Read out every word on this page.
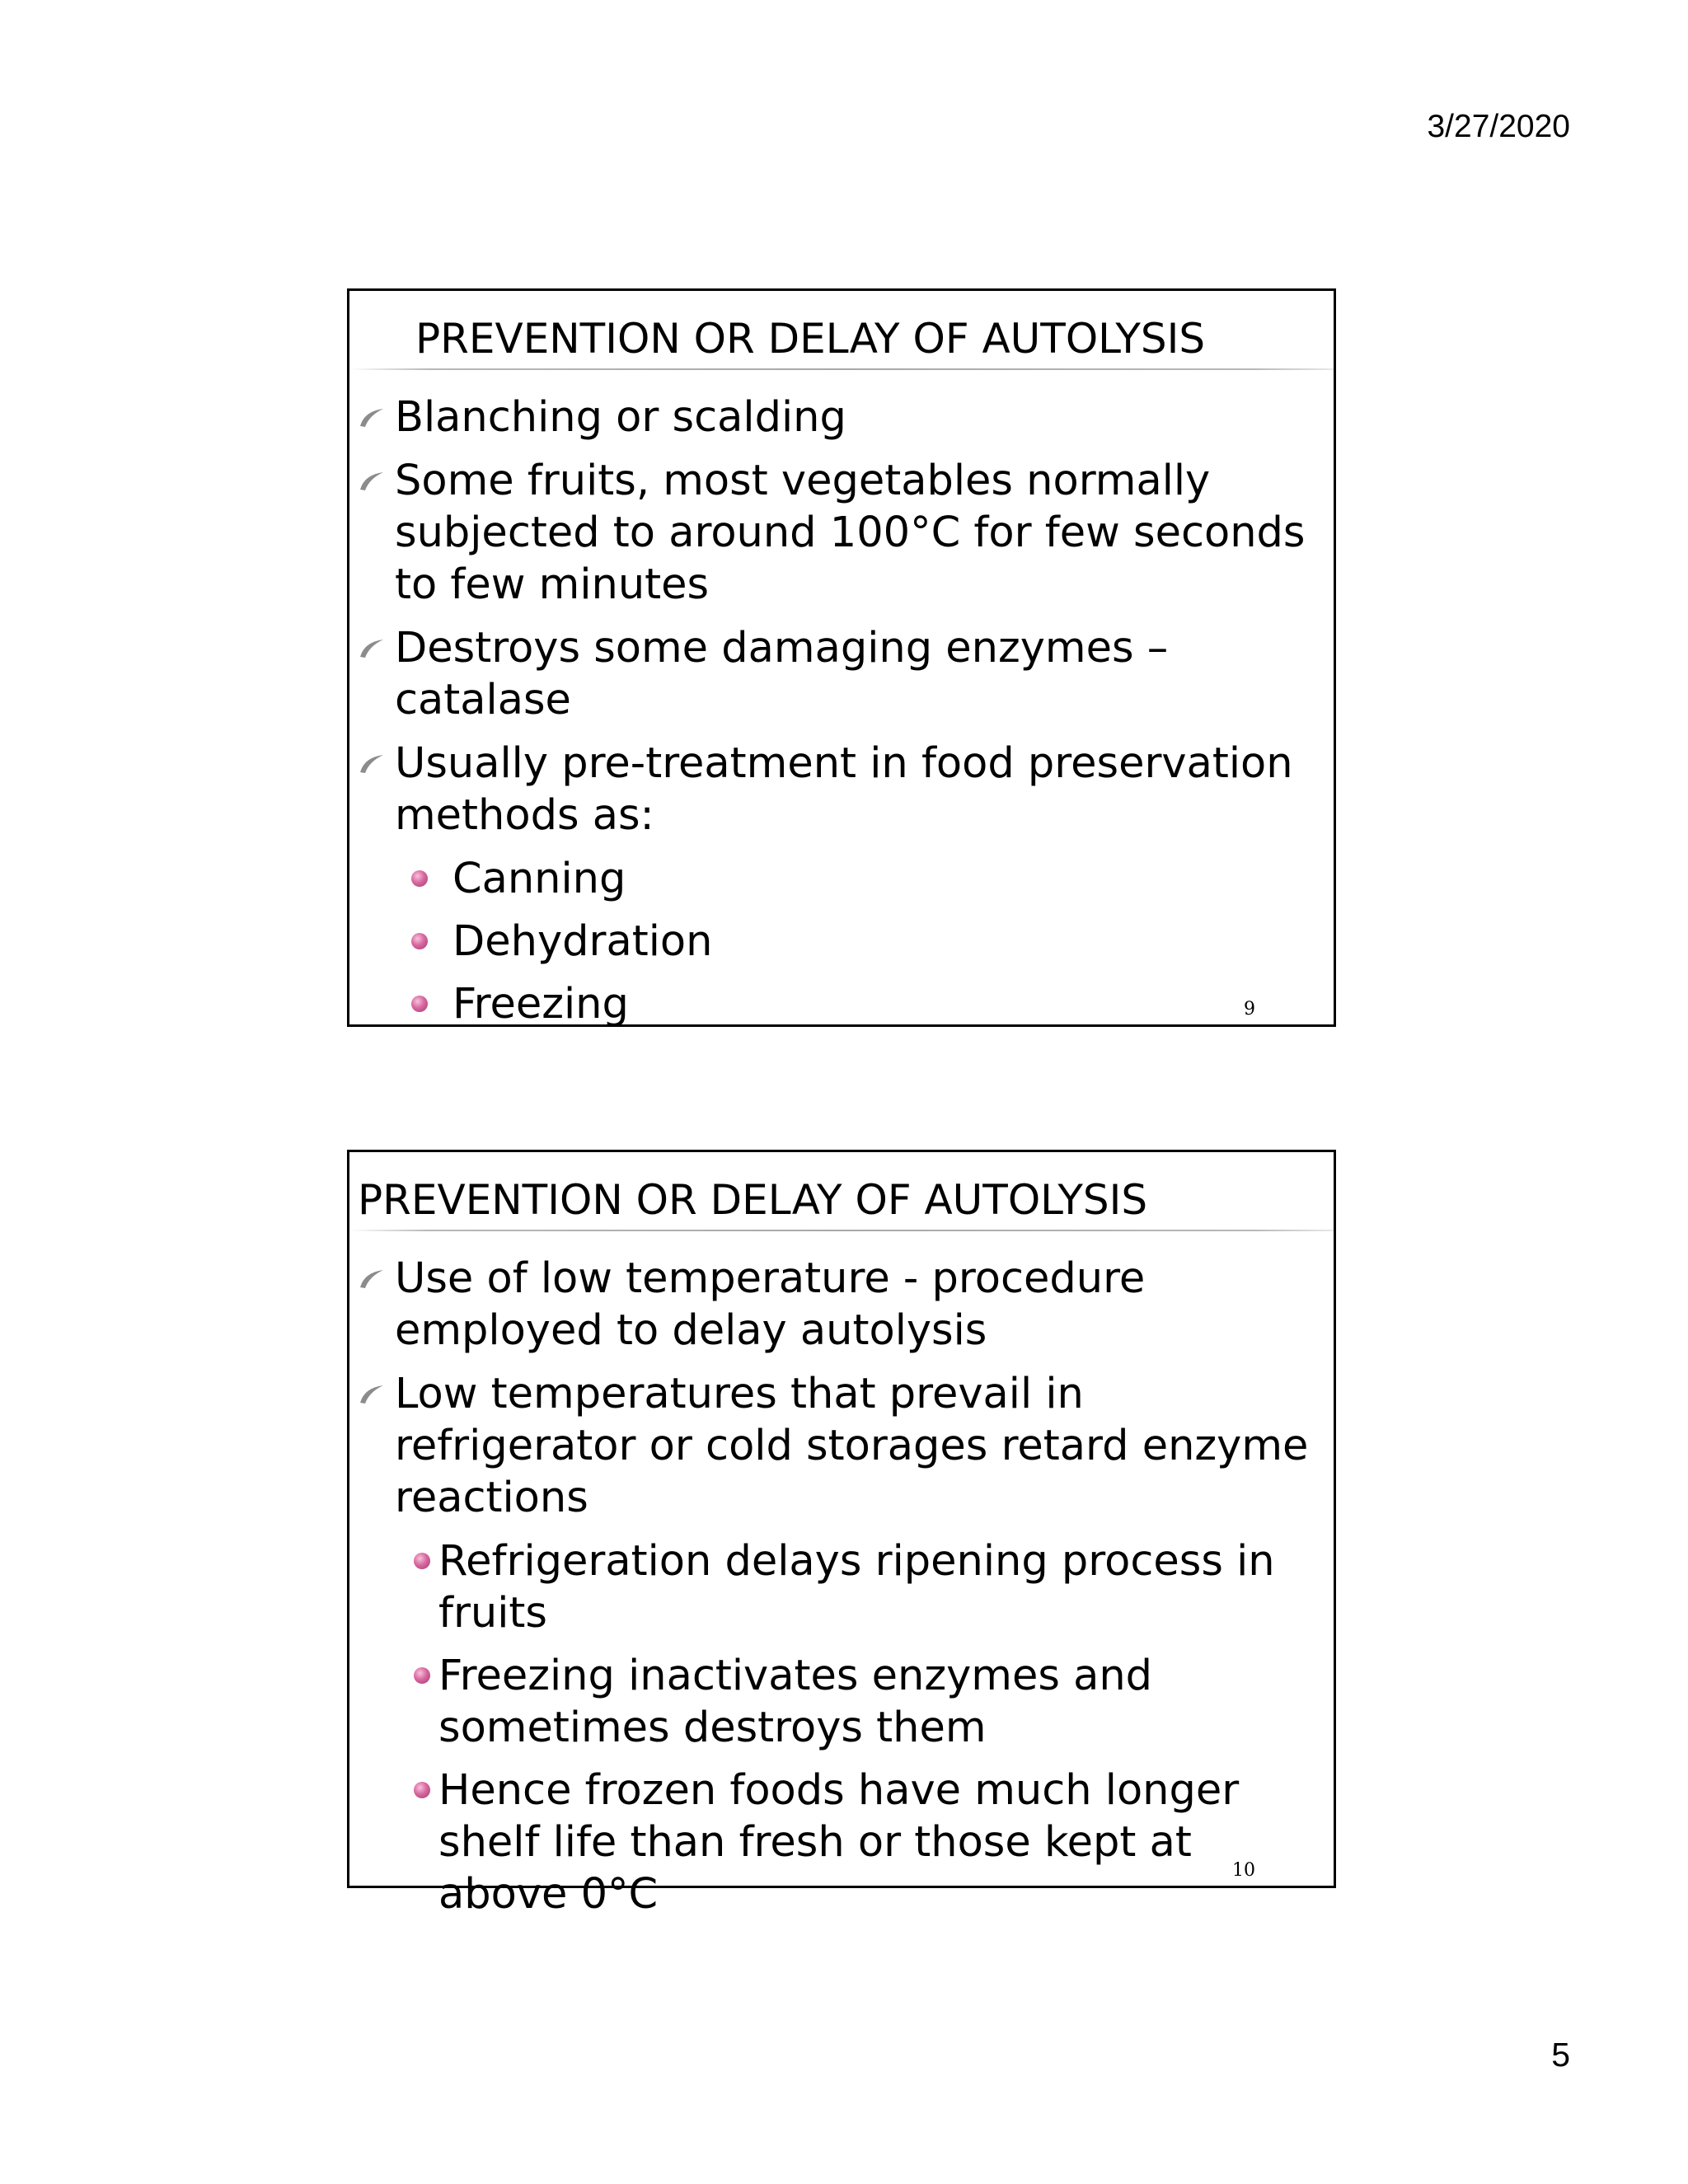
3/27/2020
PREVENTION OR DELAY OF AUTOLYSIS
Blanching or scalding
Some fruits, most vegetables normally subjected to around 100°C for few seconds to few minutes
Destroys some damaging enzymes – catalase
Usually pre-treatment in food preservation methods as:
Canning
Dehydration
Freezing	9
PREVENTION OR DELAY OF AUTOLYSIS
Use of low temperature - procedure employed to delay autolysis
Low temperatures that prevail in refrigerator or cold storages retard enzyme reactions
Refrigeration delays ripening process in fruits
Freezing inactivates enzymes and sometimes destroys them
Hence frozen foods have much longer shelf life than fresh or those kept at above 0°C	10
5
